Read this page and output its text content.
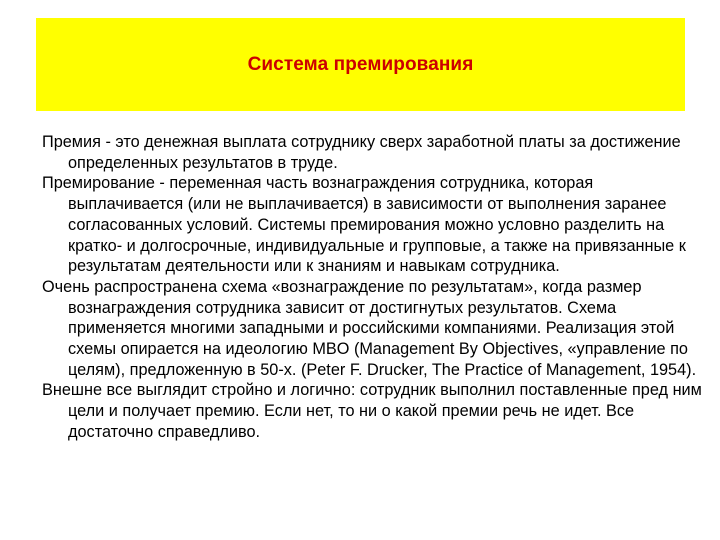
Система премирования

Премия - это денежная выплата сотруднику сверх заработной платы за достижение определенных результатов в труде.

Премирование - переменная часть вознаграждения сотрудника, которая выплачивается (или не выплачивается) в зависимости от выполнения заранее согласованных условий. Системы премирования можно условно разделить на кратко- и долгосрочные, индивидуальные и групповые, а также на привязанные к результатам деятельности или к знаниям и навыкам сотрудника.

Очень распространена схема «вознаграждение по результатам», когда размер вознаграждения сотрудника зависит от достигнутых результатов. Схема применяется многими западными и российскими компаниями. Реализация этой схемы опирается на идеологию MBO (Management By Objectives, «управление по целям), предложенную в 50-х. (Peter F. Drucker, The Practice of Management, 1954).

Внешне все выглядит стройно и логично: сотрудник выполнил поставленные пред ним цели и получает премию. Если нет, то ни о какой премии речь не идет. Все достаточно справедливо.
